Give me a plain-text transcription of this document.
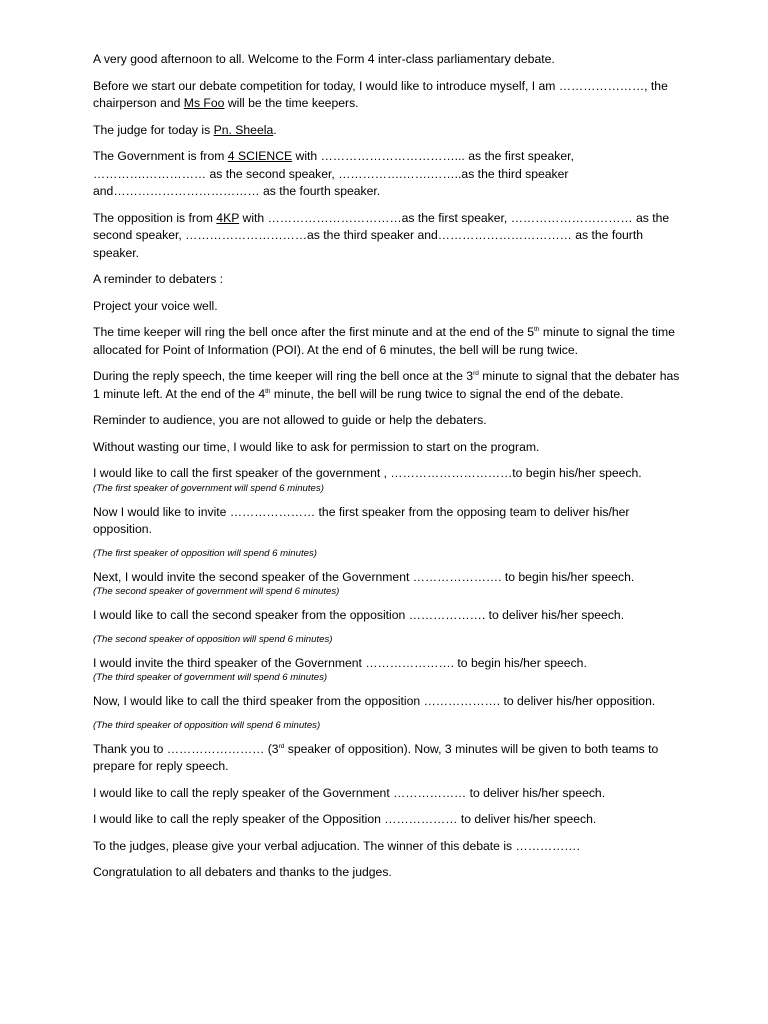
A very good afternoon to all. Welcome to the Form 4 inter-class parliamentary debate.

Before we start our debate competition for today, I would like to introduce myself, I am …………………, the chairperson and Ms Foo will be the time keepers.

The judge for today is Pn. Sheela.

The Government is from 4 SCIENCE with ……………………………... as the first speaker, ………….…………… as the second speaker, …………….…….……..as the third speaker and……………………………… as the fourth speaker.

The opposition is from 4KP with ……………………………as the first speaker, ………………………… as the second speaker, …………………………as the third speaker and…………………………… as the fourth speaker.

A reminder to debaters :

Project your voice well.

The time keeper will ring the bell once after the first minute and at the end of the 5th minute to signal the time allocated for Point of Information (POI). At the end of 6 minutes, the bell will be rung twice.

During the reply speech, the time keeper will ring the bell once at the 3rd minute to signal that the debater has 1 minute left. At the end of the 4th minute, the bell will be rung twice to signal the end of the debate.

Reminder to audience, you are not allowed to guide or help the debaters.

Without wasting our time, I would like to ask for permission to start on the program.

I would like to call the first speaker of the government , …………………………to begin his/her speech.

(The first speaker of government will spend 6 minutes)

Now I would like to invite ………………… the first speaker from the opposing team to deliver his/her opposition.

(The first speaker of opposition will spend 6 minutes)

Next, I would invite the second speaker of the Government …………………. to begin his/her speech.

(The second speaker of government will spend 6 minutes)

I would like to call the second speaker from the opposition ………………. to deliver his/her speech.

(The second speaker of opposition will spend 6 minutes)

I would invite the third speaker of the Government …………………. to begin his/her speech.

(The third speaker of government will spend 6 minutes)

Now, I would like to call the third speaker from the opposition ………………. to deliver his/her opposition.

(The third speaker of opposition will spend 6 minutes)

Thank you to …………………… (3rd speaker of opposition). Now, 3 minutes will be given to both teams to prepare for reply speech.

I would like to call the reply speaker of the Government ……………… to deliver his/her speech.

I would like to call the reply speaker of the Opposition ……………… to deliver his/her speech.

To the judges, please give your verbal adjucation. The winner of this debate is …………….

Congratulation to all debaters and thanks to the judges.
